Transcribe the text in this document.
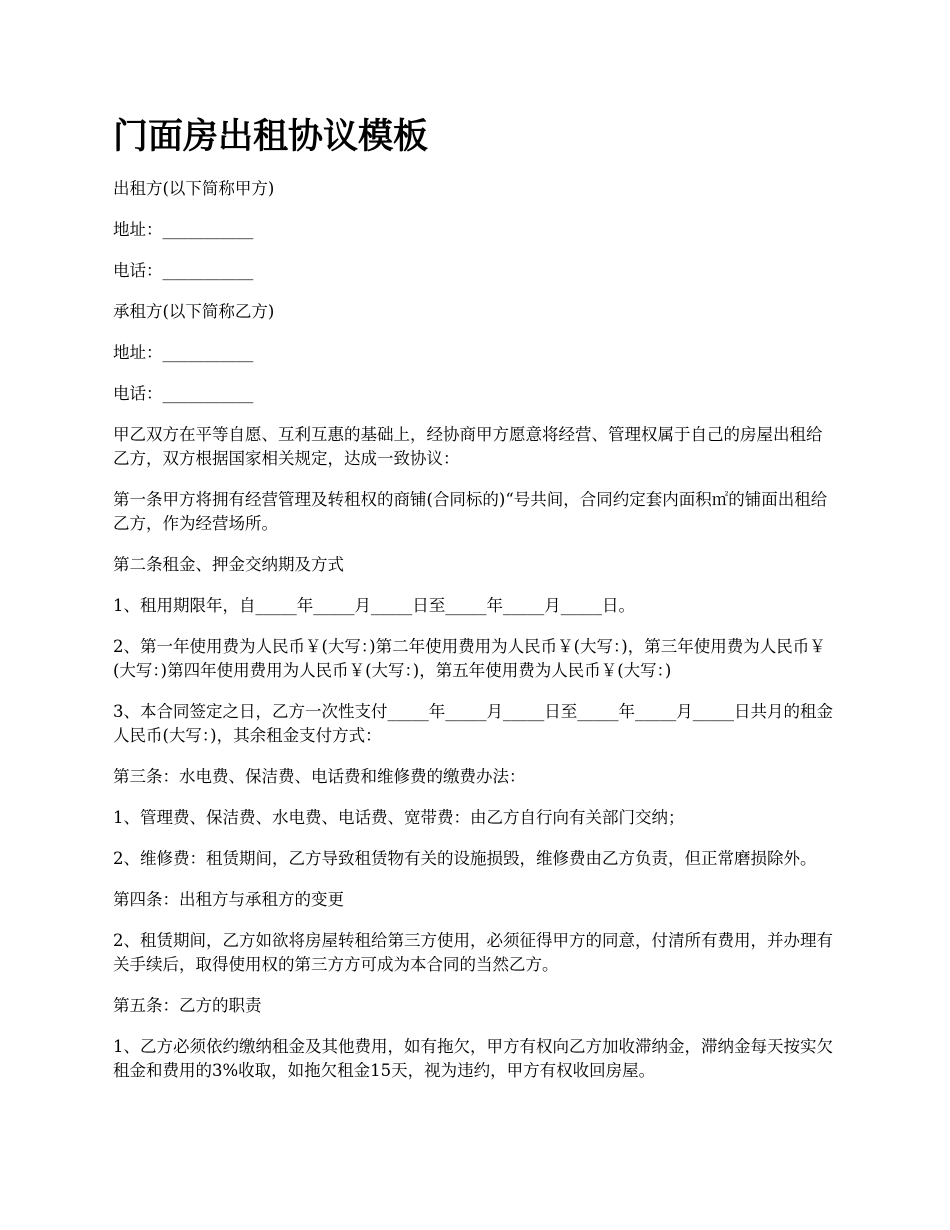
门面房出租协议模板

出租方(以下简称甲方)

地址：___________

电话：___________

承租方(以下简称乙方)

地址：___________

电话：___________

甲乙双方在平等自愿、互利互惠的基础上，经协商甲方愿意将经营、管理权属于自己的房屋出租给乙方，双方根据国家相关规定，达成一致协议：

第一条甲方将拥有经营管理及转租权的商铺(合同标的)“号共间，合同约定套内面积㎡的铺面出租给乙方，作为经营场所。

第二条租金、押金交纳期及方式

1、租用期限年，自_____年_____月_____日至_____年_____月_____日。

2、第一年使用费为人民币￥(大写：)第二年使用费用为人民币￥(大写：)，第三年使用费为人民币￥(大写：)第四年使用费用为人民币￥(大写：)，第五年使用费为人民币￥(大写：)

3、本合同签定之日，乙方一次性支付_____年_____月_____日至_____年_____月_____日共月的租金人民币(大写：)，其余租金支付方式：

第三条：水电费、保洁费、电话费和维修费的缴费办法：

1、管理费、保洁费、水电费、电话费、宽带费：由乙方自行向有关部门交纳；

2、维修费：租赁期间，乙方导致租赁物有关的设施损毁，维修费由乙方负责，但正常磨损除外。

第四条：出租方与承租方的变更

2、租赁期间，乙方如欲将房屋转租给第三方使用，必须征得甲方的同意，付清所有费用，并办理有关手续后，取得使用权的第三方方可成为本合同的当然乙方。

第五条：乙方的职责

1、乙方必须依约缴纳租金及其他费用，如有拖欠，甲方有权向乙方加收滞纳金，滞纳金每天按实欠租金和费用的3%收取，如拖欠租金15天，视为违约，甲方有权收回房屋。
